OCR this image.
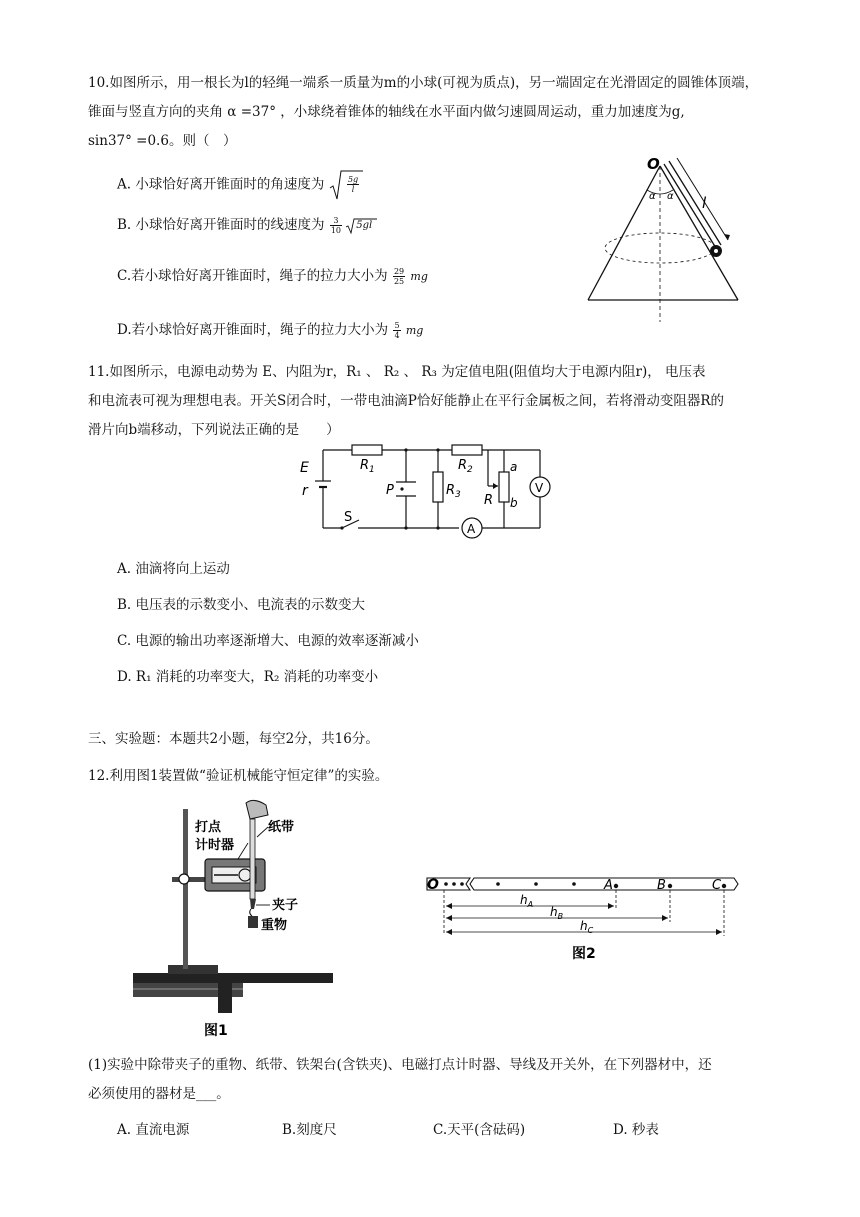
10.如图所示，用一根长为l的轻绳一端系一质量为m的小球(可视为质点)，另一端固定在光滑固定的圆锥体顶端，
锥面与竖直方向的夹角 α =37° ，小球绕着锥体的轴线在水平面内做匀速圆周运动，重力加速度为g,
sin37° =0.6。则（　）
A. 小球恰好离开锥面时的角速度为	$\frac{5g}{l}$
B. 小球恰好离开锥面时的线速度为 $\frac{3}{10}$
5gl
C.若小球恰好离开锥面时，绳子的拉力大小为 $\frac{29}{25}$ mg
D.若小球恰好离开锥面时，绳子的拉力大小为 $\frac{5}{4}$ mg
O
α α l
11.如图所示，电源电动势为 E、内阻为r，R₁ 、 R₂ 、 R₃ 为定值电阻(阻值均大于电源内阻r)， 电压表
和电流表可视为理想电表。开关S闭合时，一带电油滴P恰好能静止在平行金属板之间，若将滑动变阻器R的
滑片向b端移动，下列说法正确的是　　）
E
r
$R_1$	$R_2$
$R_3$ R
a
b
P
S
V
A
A. 油滴将向上运动
B. 电压表的示数变小、电流表的示数变大
C. 电源的输出功率逐渐增大、电源的效率逐渐减小
D. R₁ 消耗的功率变大，R₂ 消耗的功率变小
三、实验题：本题共2小题，每空2分，共16分。
12.利用图1装置做“验证机械能守恒定律”的实验。
打点
计时器
纸带
夹子
重物
图1
O	A	B	C
$h_A$
$h_B$
$h_C$
图2
(1)实验中除带夹子的重物、纸带、铁架台(含铁夹)、电磁打点计时器、导线及开关外，在下列器材中，还
必须使用的器材是___。
A. 直流电源	B.刻度尺	C.天平(含砝码)	D. 秒表
